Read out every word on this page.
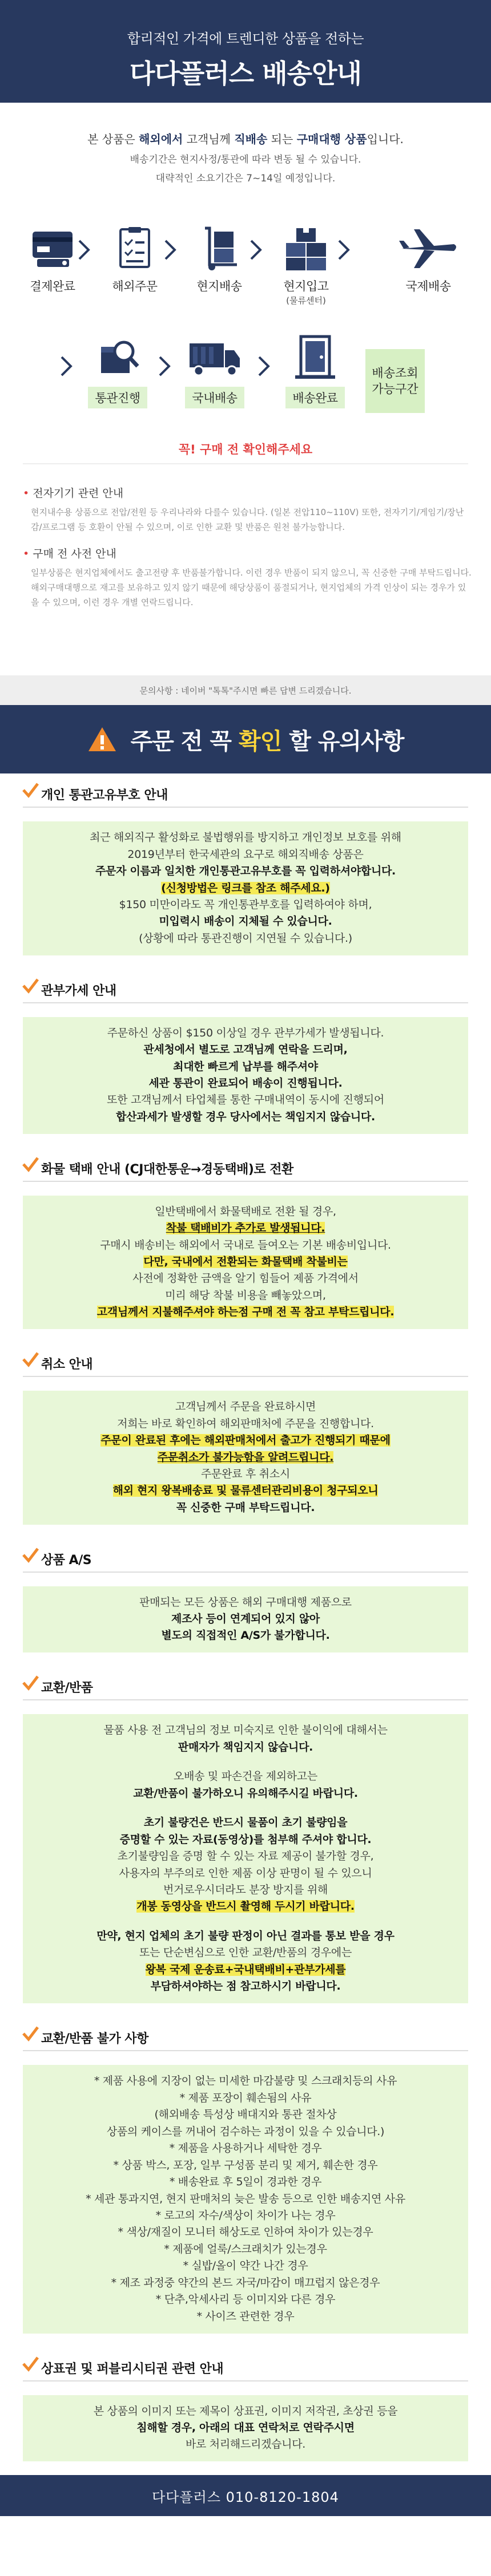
합리적인 가격에 트렌디한 상품을 전하는
다다플러스 배송안내
본 상품은 해외에서 고객님께 직배송 되는 구매대행 상품입니다.
배송기간은 현지사정/통관에 따라 변동 될 수 있습니다.
대략적인 소요기간은 7~14일 예정입니다.
결제완료	해외주문	현지배송	현지입고
(물류센터)
국제배송
통관진행	국내배송	배송완료
배송조회
가능구간
꼭! 구매 전 확인해주세요
• 전자기기 관련 안내
현지내수용 상품으로 전압/전원 등 우리나라와 다를수 있습니다. (일본 전압110~110V) 또한, 전자기기/게임기/장난감/프로그램 등 호환이 안될 수 있으며, 이로 인한 교환 및 반품은 원천 불가능합니다.
• 구매 전 사전 안내
일부상품은 현지업체에서도 출고전량 후 반품불가합니다. 이런 경우 반품이 되지 않으니, 꼭 신중한 구매 부탁드립니다. 해외구매대행으로 재고를 보유하고 있지 않기 때문에 해당상품이 품절되거나, 현지업체의 가격 인상이 되는 경우가 있을 수 있으며, 이런 경우 개별 연락드립니다.
문의사항 : 네이버 "톡톡"주시면 빠른 답변 드리겠습니다.
주문 전 꼭 확인 할 유의사항
개인 통관고유부호 안내

최근 해외직구 활성화로 불법행위를 방지하고 개인정보 보호를 위해

2019년부터 한국세관의 요구로 해외직배송 상품은

주문자 이름과 일치한 개인통관고유부호를 꼭 입력하셔야합니다.

(신청방법은 링크를 참조 해주세요.)

$150 미만이라도 꼭 개인통관부호를 입력하여야 하며,

미입력시 배송이 지체될 수 있습니다.

(상황에 따라 통관진행이 지연될 수 있습니다.)

관부가세 안내

주문하신 상품이 $150 이상일 경우 관부가세가 발생됩니다.

관세청에서 별도로 고객님께 연락을 드리며,

최대한 빠르게 납부를 해주셔야

세관 통관이 완료되어 배송이 진행됩니다.

또한 고객님께서 타업체를 통한 구매내역이 동시에 진행되어

합산과세가 발생할 경우 당사에서는 책임지지 않습니다.

화물 택배 안내 (CJ대한통운→경동택배)로 전환

일반택배에서 화물택배로 전환 될 경우,

착불 택배비가 추가로 발생됩니다.

구매시 배송비는 해외에서 국내로 들여오는 기본 배송비입니다.

다만, 국내에서 전환되는 화물택배 착불비는

사전에 정확한 금액을 알기 힘들어 제품 가격에서

미리 해당 착불 비용을 빼놓았으며,

고객님께서 지불해주셔야 하는점 구매 전 꼭 참고 부탁드립니다.

취소 안내

고객님께서 주문을 완료하시면

저희는 바로 확인하여 해외판매처에 주문을 진행합니다.

주문이 완료된 후에는 해외판매처에서 출고가 진행되기 때문에

주문취소가 불가능함을 알려드립니다.

주문완료 후 취소시

해외 현지 왕복배송료 및 물류센터관리비용이 청구되오니

꼭 신중한 구매 부탁드립니다.

상품 A/S

판매되는 모든 상품은 해외 구매대행 제품으로

제조사 등이 연계되어 있지 않아

별도의 직접적인 A/S가 불가합니다.

교환/반품

물품 사용 전 고객님의 정보 미숙지로 인한 불이익에 대해서는

판매자가 책임지지 않습니다.

오배송 및 파손건을 제외하고는

교환/반품이 불가하오니 유의해주시길 바랍니다.

초기 불량건은 반드시 물품이 초기 불량임을

증명할 수 있는 자료(동영상)를 첨부해 주셔야 합니다.

초기불량임을 증명 할 수 있는 자료 제공이 불가할 경우,

사용자의 부주의로 인한 제품 이상 판명이 될 수 있으니

번거로우시더라도 분장 방지를 위해

개봉 동영상을 반드시 촬영해 두시기 바랍니다.

만약, 현지 업체의 초기 불량 판정이 아닌 결과를 통보 받을 경우

또는 단순변심으로 인한 교환/반품의 경우에는

왕복 국제 운송료+국내택배비+관부가세를

부담하셔야하는 점 참고하시기 바랍니다.

교환/반품 불가 사항

* 제품 사용에 지장이 없는 미세한 마감불량 및 스크래치등의 사유

* 제품 포장이 훼손됨의 사유

(해외배송 특성상 배대지와 통관 절차상

상품의 케이스를 꺼내어 검수하는 과정이 있을 수 있습니다.)

* 제품을 사용하거나 세탁한 경우

* 상품 박스, 포장, 일부 구성품 분리 및 제거, 훼손한 경우

* 배송완료 후 5일이 경과한 경우

* 세관 통과지연, 현지 판매처의 늦은 발송 등으로 인한 배송지연 사유

* 로고의 자수/색상이 차이가 나는 경우

* 색상/재질이 모니터 해상도로 인하여 차이가 있는경우

* 제품에 얼룩/스크래치가 있는경우

* 실밥/올이 약간 나간 경우

* 제조 과정중 약간의 본드 자국/마감이 매끄럽지 않은경우

* 단추,악세사리 등 이미지와 다른 경우

* 사이즈 관련한 경우

상표권 및 퍼블리시티권 관련 안내

본 상품의 이미지 또는 제목이 상표권, 이미지 저작권, 초상권 등을

침해할 경우, 아래의 대표 연락처로 연락주시면

바로 처리해드리겠습니다.

다다플러스 010-8120-1804
